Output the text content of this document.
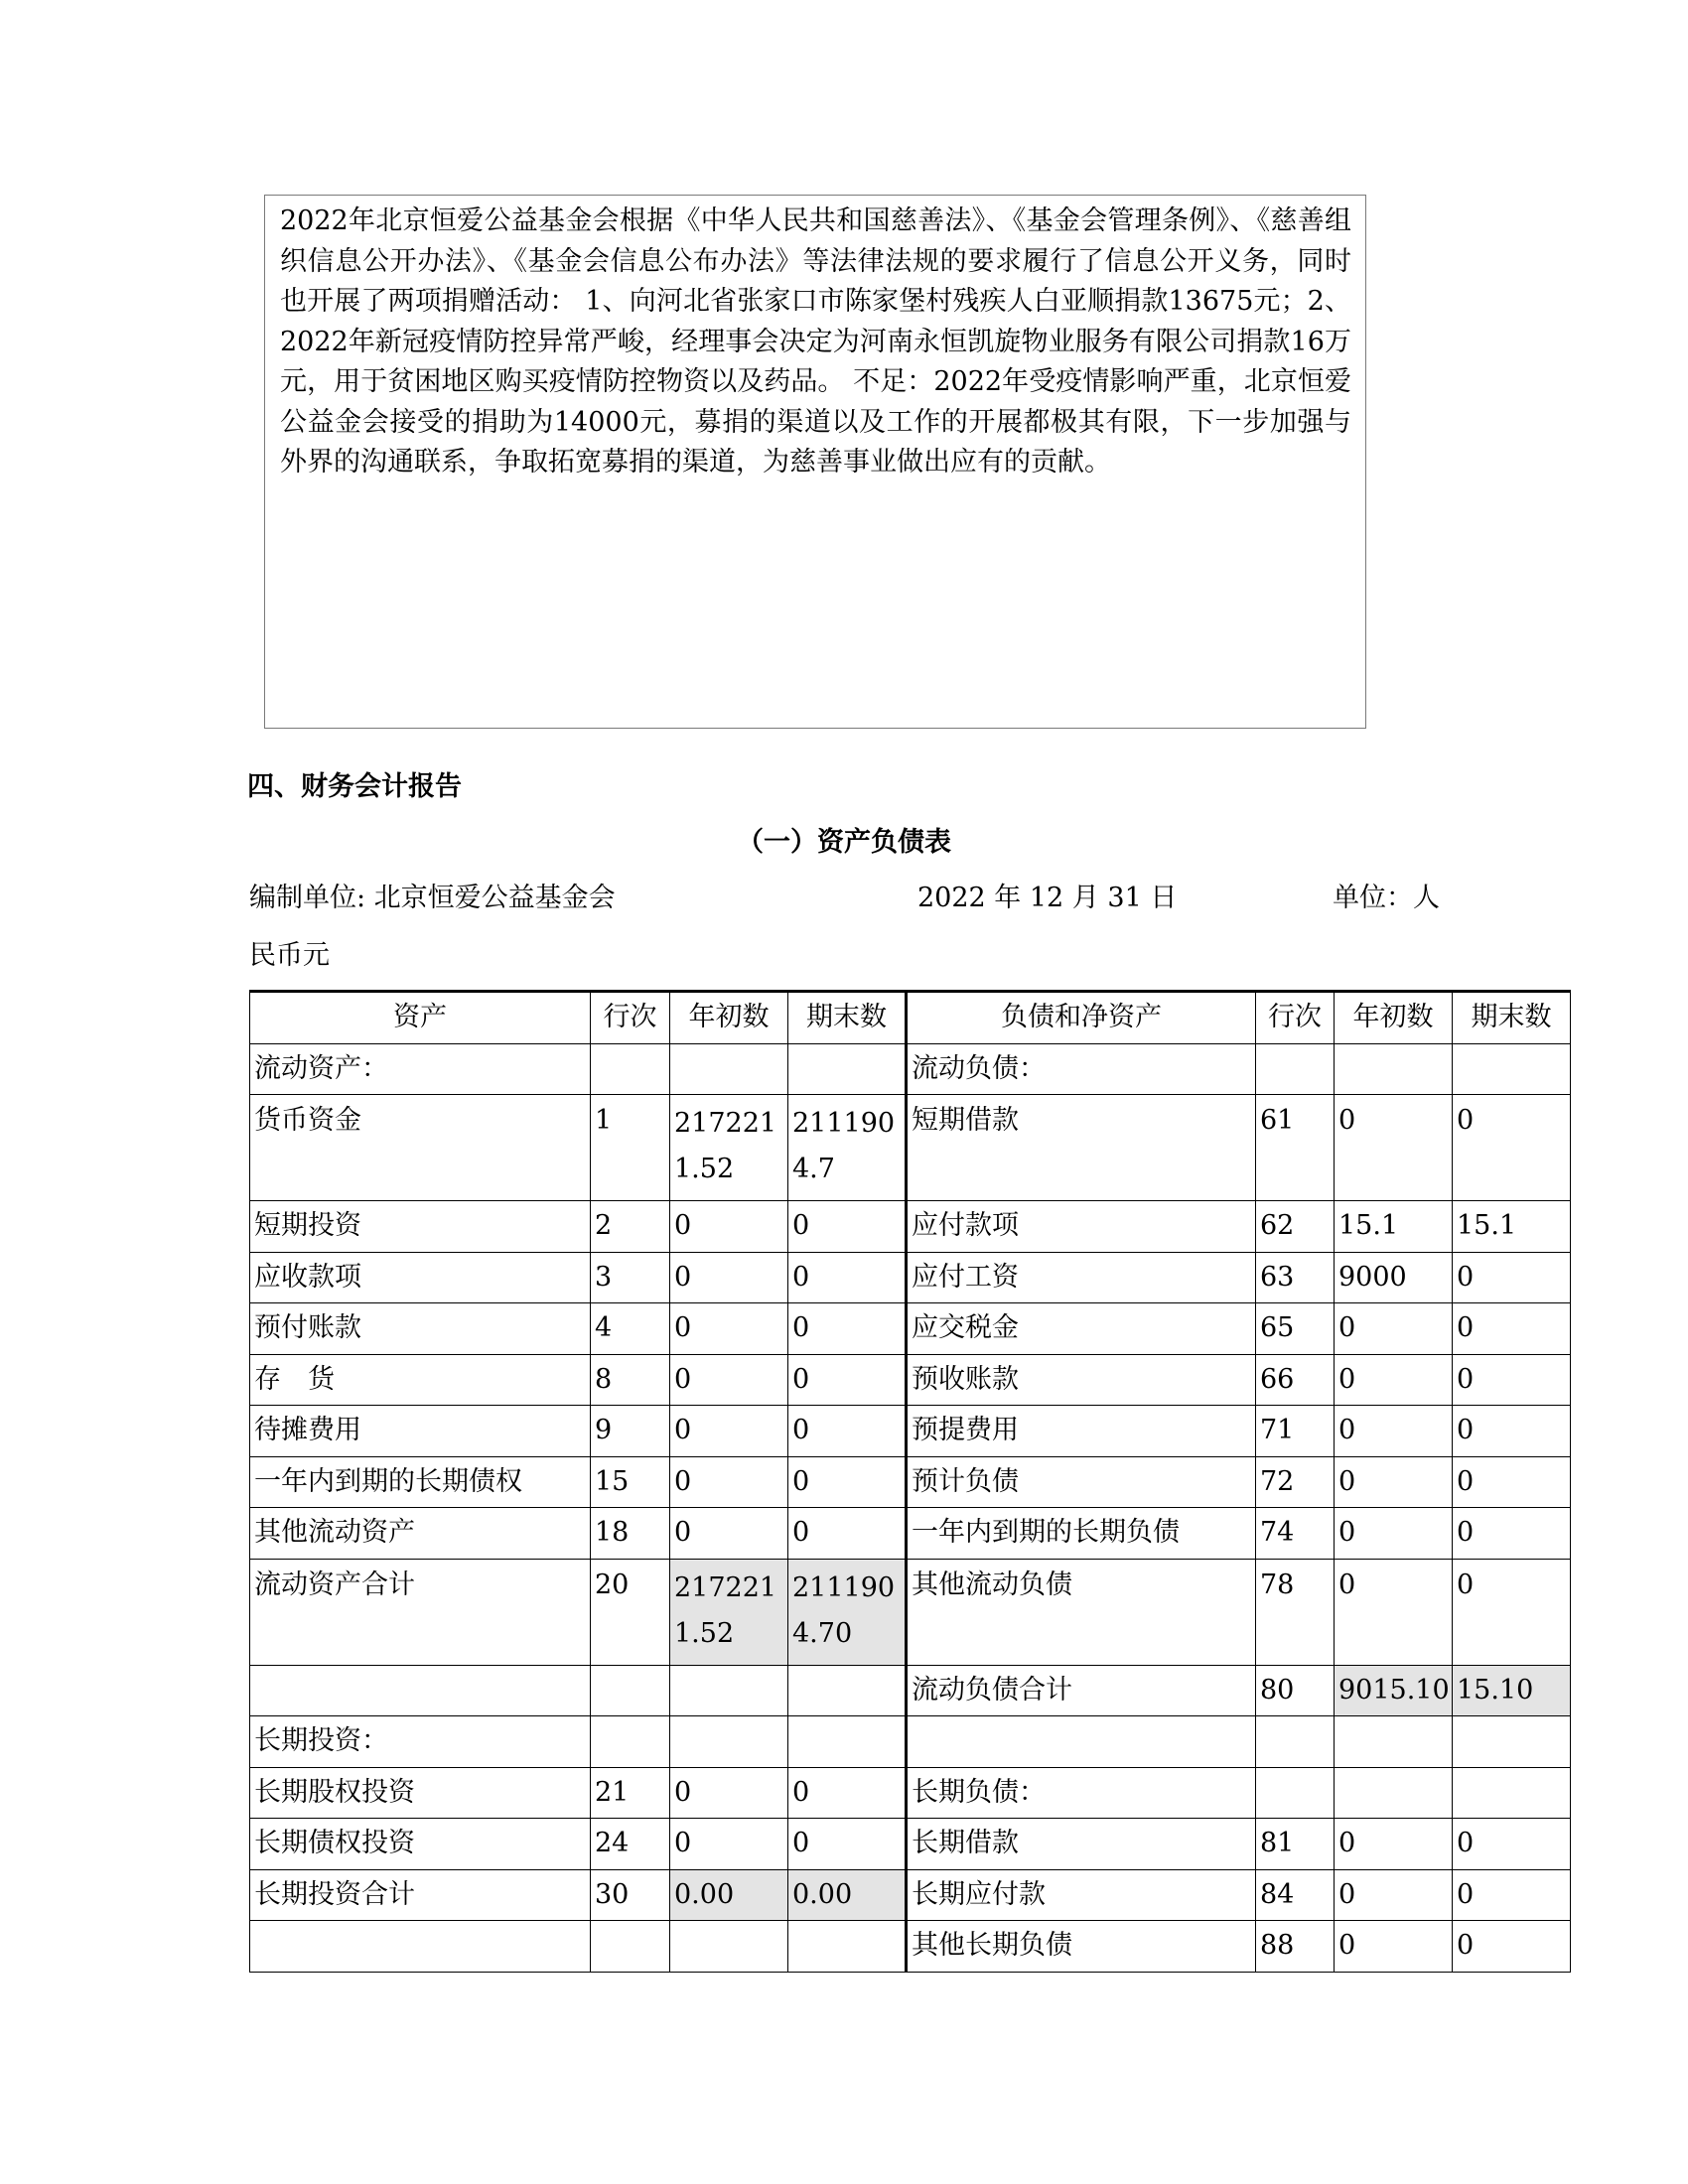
2022年北京恒爱公益基金会根据《中华人民共和国慈善法》、《基金会管理条例》、《慈善组织信息公开办法》、《基金会信息公布办法》等法律法规的要求履行了信息公开义务，同时也开展了两项捐赠活动： 1、向河北省张家口市陈家堡村残疾人白亚顺捐款13675元；2、2022年新冠疫情防控异常严峻，经理事会决定为河南永恒凯旋物业服务有限公司捐款16万元，用于贫困地区购买疫情防控物资以及药品。 不足：2022年受疫情影响严重，北京恒爱公益金会接受的捐助为14000元，募捐的渠道以及工作的开展都极其有限，下一步加强与外界的沟通联系，争取拓宽募捐的渠道，为慈善事业做出应有的贡献。

四、财务会计报告
（一）资产负债表
编制单位: 北京恒爱公益基金会	2022 年 12 月 31 日	单位：人
民币元
资产	行次	年初数	期末数	负债和净资产	行次	年初数	期末数
流动资产：				流动负债：			
货币资金	1	2172211.52	2111904.7	短期借款	61	0	0
短期投资	2	0	0	应付款项	62	15.1	15.1
应收款项	3	0	0	应付工资	63	9000	0
预付账款	4	0	0	应交税金	65	0	0
存　货	8	0	0	预收账款	66	0	0
待摊费用	9	0	0	预提费用	71	0	0
一年内到期的长期债权	15	0	0	预计负债	72	0	0
其他流动资产	18	0	0	一年内到期的长期负债	74	0	0
流动资产合计	20	2172211.52	2111904.70	其他流动负债	78	0	0
				流动负债合计	80	9015.10	15.10
长期投资：							
长期股权投资	21	0	0	长期负债：			
长期债权投资	24	0	0	长期借款	81	0	0
长期投资合计	30	0.00	0.00	长期应付款	84	0	0
				其他长期负债	88	0	0
